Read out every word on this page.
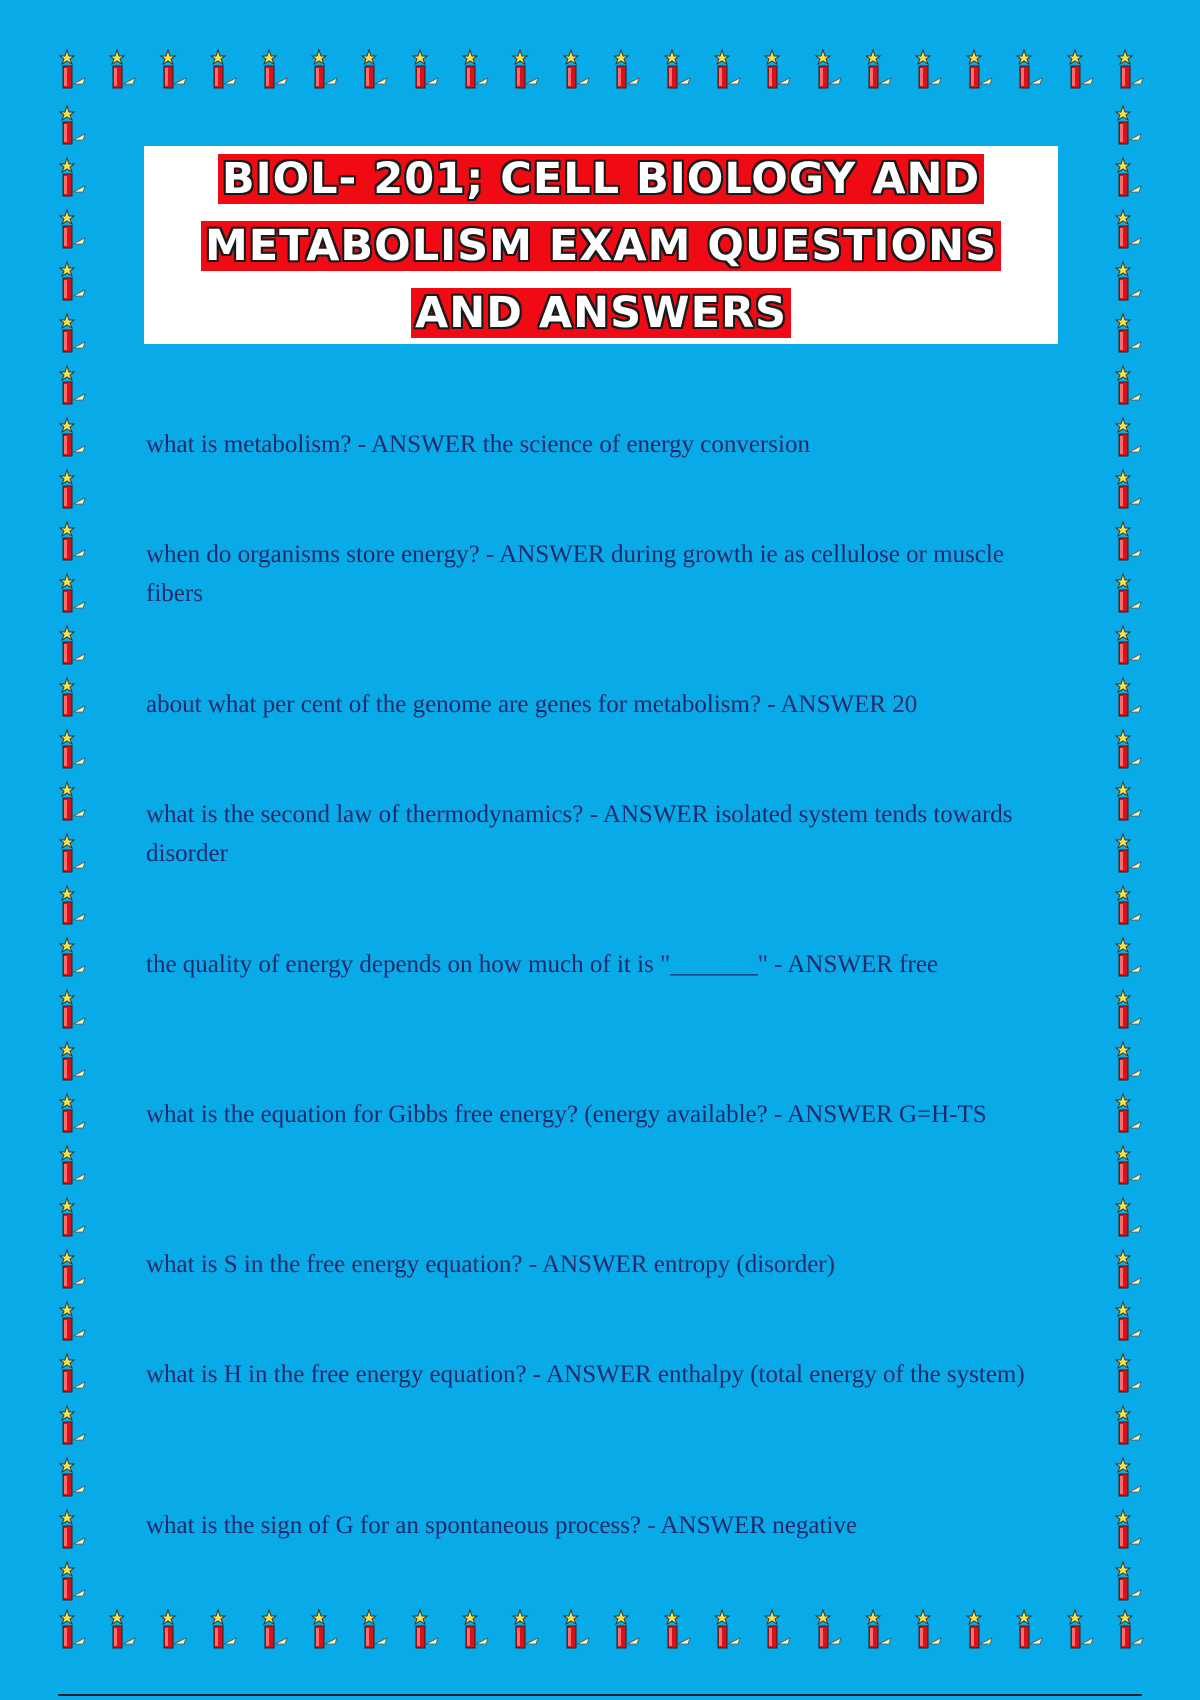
BIOL- 201; CELL BIOLOGY AND
METABOLISM EXAM QUESTIONS
AND ANSWERS

what is metabolism? - ANSWER the science of energy conversion

when do organisms store energy? - ANSWER during growth ie as cellulose or muscle fibers

about what per cent of the genome are genes for metabolism? - ANSWER 20

what is the second law of thermodynamics? - ANSWER isolated system tends towards disorder

the quality of energy depends on how much of it is "_______" - ANSWER free

what is the equation for Gibbs free energy? (energy available? - ANSWER G=H-TS

what is S in the free energy equation? - ANSWER entropy (disorder)

what is H in the free energy equation? - ANSWER enthalpy (total energy of the system)

what is the sign of G for an spontaneous process? - ANSWER negative
